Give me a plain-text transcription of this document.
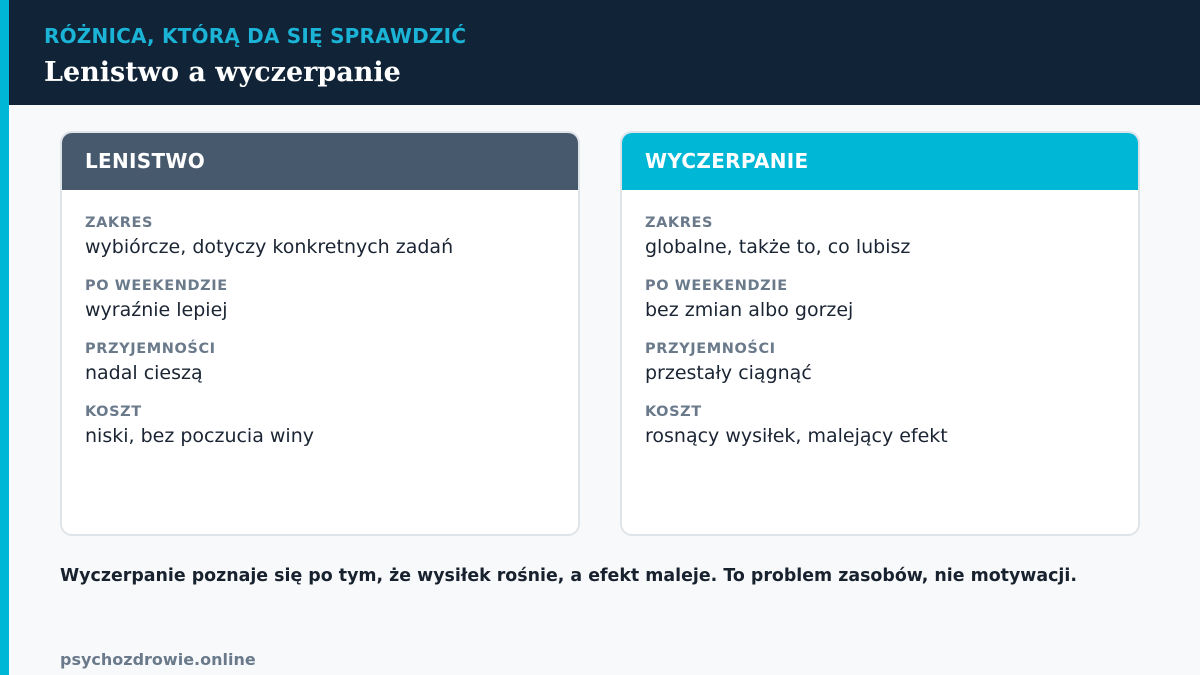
RÓŻNICA, KTÓRĄ DA SIĘ SPRAWDZIĆ
Lenistwo a wyczerpanie
LENISTWO
ZAKRES
wybiórcze, dotyczy konkretnych zadań
PO WEEKENDZIE
wyraźnie lepiej
PRZYJEMNOŚCI
nadal cieszą
KOSZT
niski, bez poczucia winy
WYCZERPANIE
ZAKRES
globalne, także to, co lubisz
PO WEEKENDZIE
bez zmian albo gorzej
PRZYJEMNOŚCI
przestały ciągnąć
KOSZT
rosnący wysiłek, malejący efekt
Wyczerpanie poznaje się po tym, że wysiłek rośnie, a efekt maleje. To problem zasobów, nie motywacji.
psychozdrowie.online
